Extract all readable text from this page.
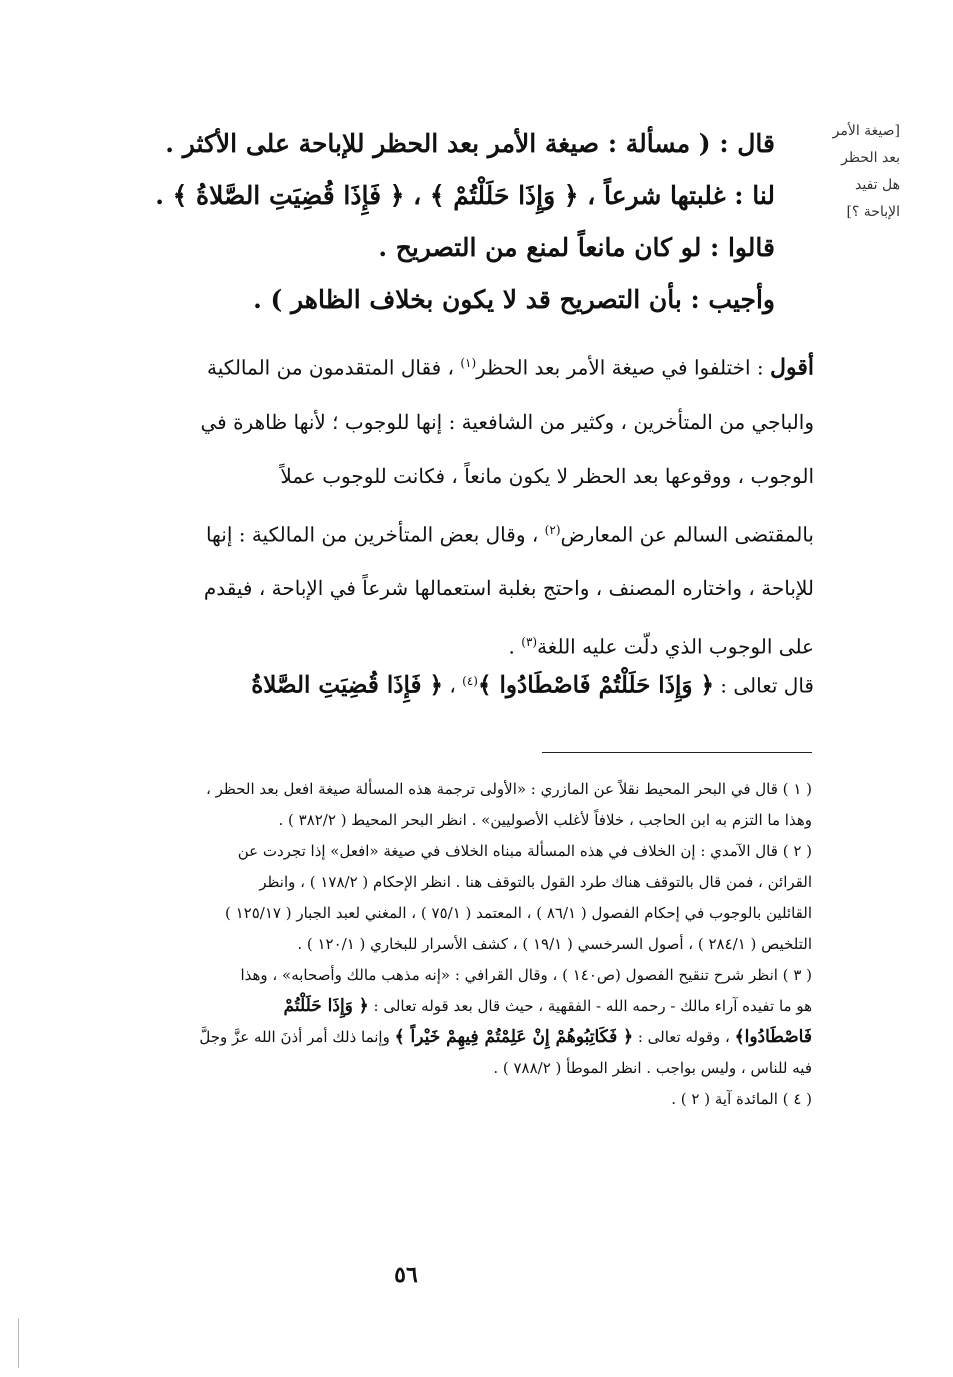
[صيغة الأمر
بعد الحظر
هل تفيد
الإباحة ؟]
قال : ( مسألة : صيغة الأمر بعد الحظر للإباحة على الأكثر .
لنا : غلبتها شرعاً ، ﴿ وَإِذَا حَلَلْتُمْ ﴾ ، ﴿ فَإِذَا قُضِيَتِ الصَّلاةُ ﴾ .
قالوا : لو كان مانعاً لمنع من التصريح .
وأجيب : بأن التصريح قد لا يكون بخلاف الظاهر ) .
أقول : اختلفوا في صيغة الأمر بعد الحظر$^{(١)}$ ، فقال المتقدمون من المالكية
والباجي من المتأخرين ، وكثير من الشافعية : إنها للوجوب ؛ لأنها ظاهرة في
الوجوب ، ووقوعها بعد الحظر لا يكون مانعاً ، فكانت للوجوب عملاً
بالمقتضى السالم عن المعارض$^{(٢)}$ ، وقال بعض المتأخرين من المالكية : إنها
للإباحة ، واختاره المصنف ، واحتج بغلبة استعمالها شرعاً في الإباحة ، فيقدم
على الوجوب الذي دلّت عليه اللغة$^{(٣)}$ .
قال تعالى : ﴿ وَإِذَا حَلَلْتُمْ فَاصْطَادُوا ﴾$^{(٤)}$ ، ﴿ فَإِذَا قُضِيَتِ الصَّلاةُ
( ١ ) قال في البحر المحيط نقلاً عن المازري : «الأولى ترجمة هذه المسألة صيغة افعل بعد الحظر ،
وهذا ما التزم به ابن الحاجب ، خلافاً لأغلب الأصوليين» . انظر البحر المحيط ( ٣٨٢/٢ ) .
( ٢ ) قال الآمدي : إن الخلاف في هذه المسألة مبناه الخلاف في صيغة «افعل» إذا تجردت عن
القرائن ، فمن قال بالتوقف هناك طرد القول بالتوقف هنا . انظر الإحكام ( ١٧٨/٢ ) ، وانظر
القائلين بالوجوب في إحكام الفصول ( ٨٦/١ ) ، المعتمد ( ٧٥/١ ) ، المغني لعبد الجبار ( ١٢٥/١٧ )
التلخيص ( ٢٨٤/١ ) ، أصول السرخسي ( ١٩/١ ) ، كشف الأسرار للبخاري ( ١٢٠/١ ) .
( ٣ ) انظر شرح تنقيح الفصول (ص١٤٠ ) ، وقال القرافي : «إنه مذهب مالك وأصحابه» ، وهذا
هو ما تفيده آراء مالك - رحمه الله - الفقهية ، حيث قال بعد قوله تعالى : ﴿ وَإِذَا حَلَلْتُمْ
فَاصْطَادُوا﴾ ، وقوله تعالى : ﴿ فَكَاتِبُوهُمْ إِنْ عَلِمْتُمْ فِيهِمْ خَيْراً ﴾ وإنما ذلك أمر أذنَ الله عزَّ وجلَّ
فيه للناس ، وليس بواجب . انظر الموطأ ( ٧٨٨/٢ ) .
( ٤ ) المائدة آية ( ٢ ) .
٥٦
